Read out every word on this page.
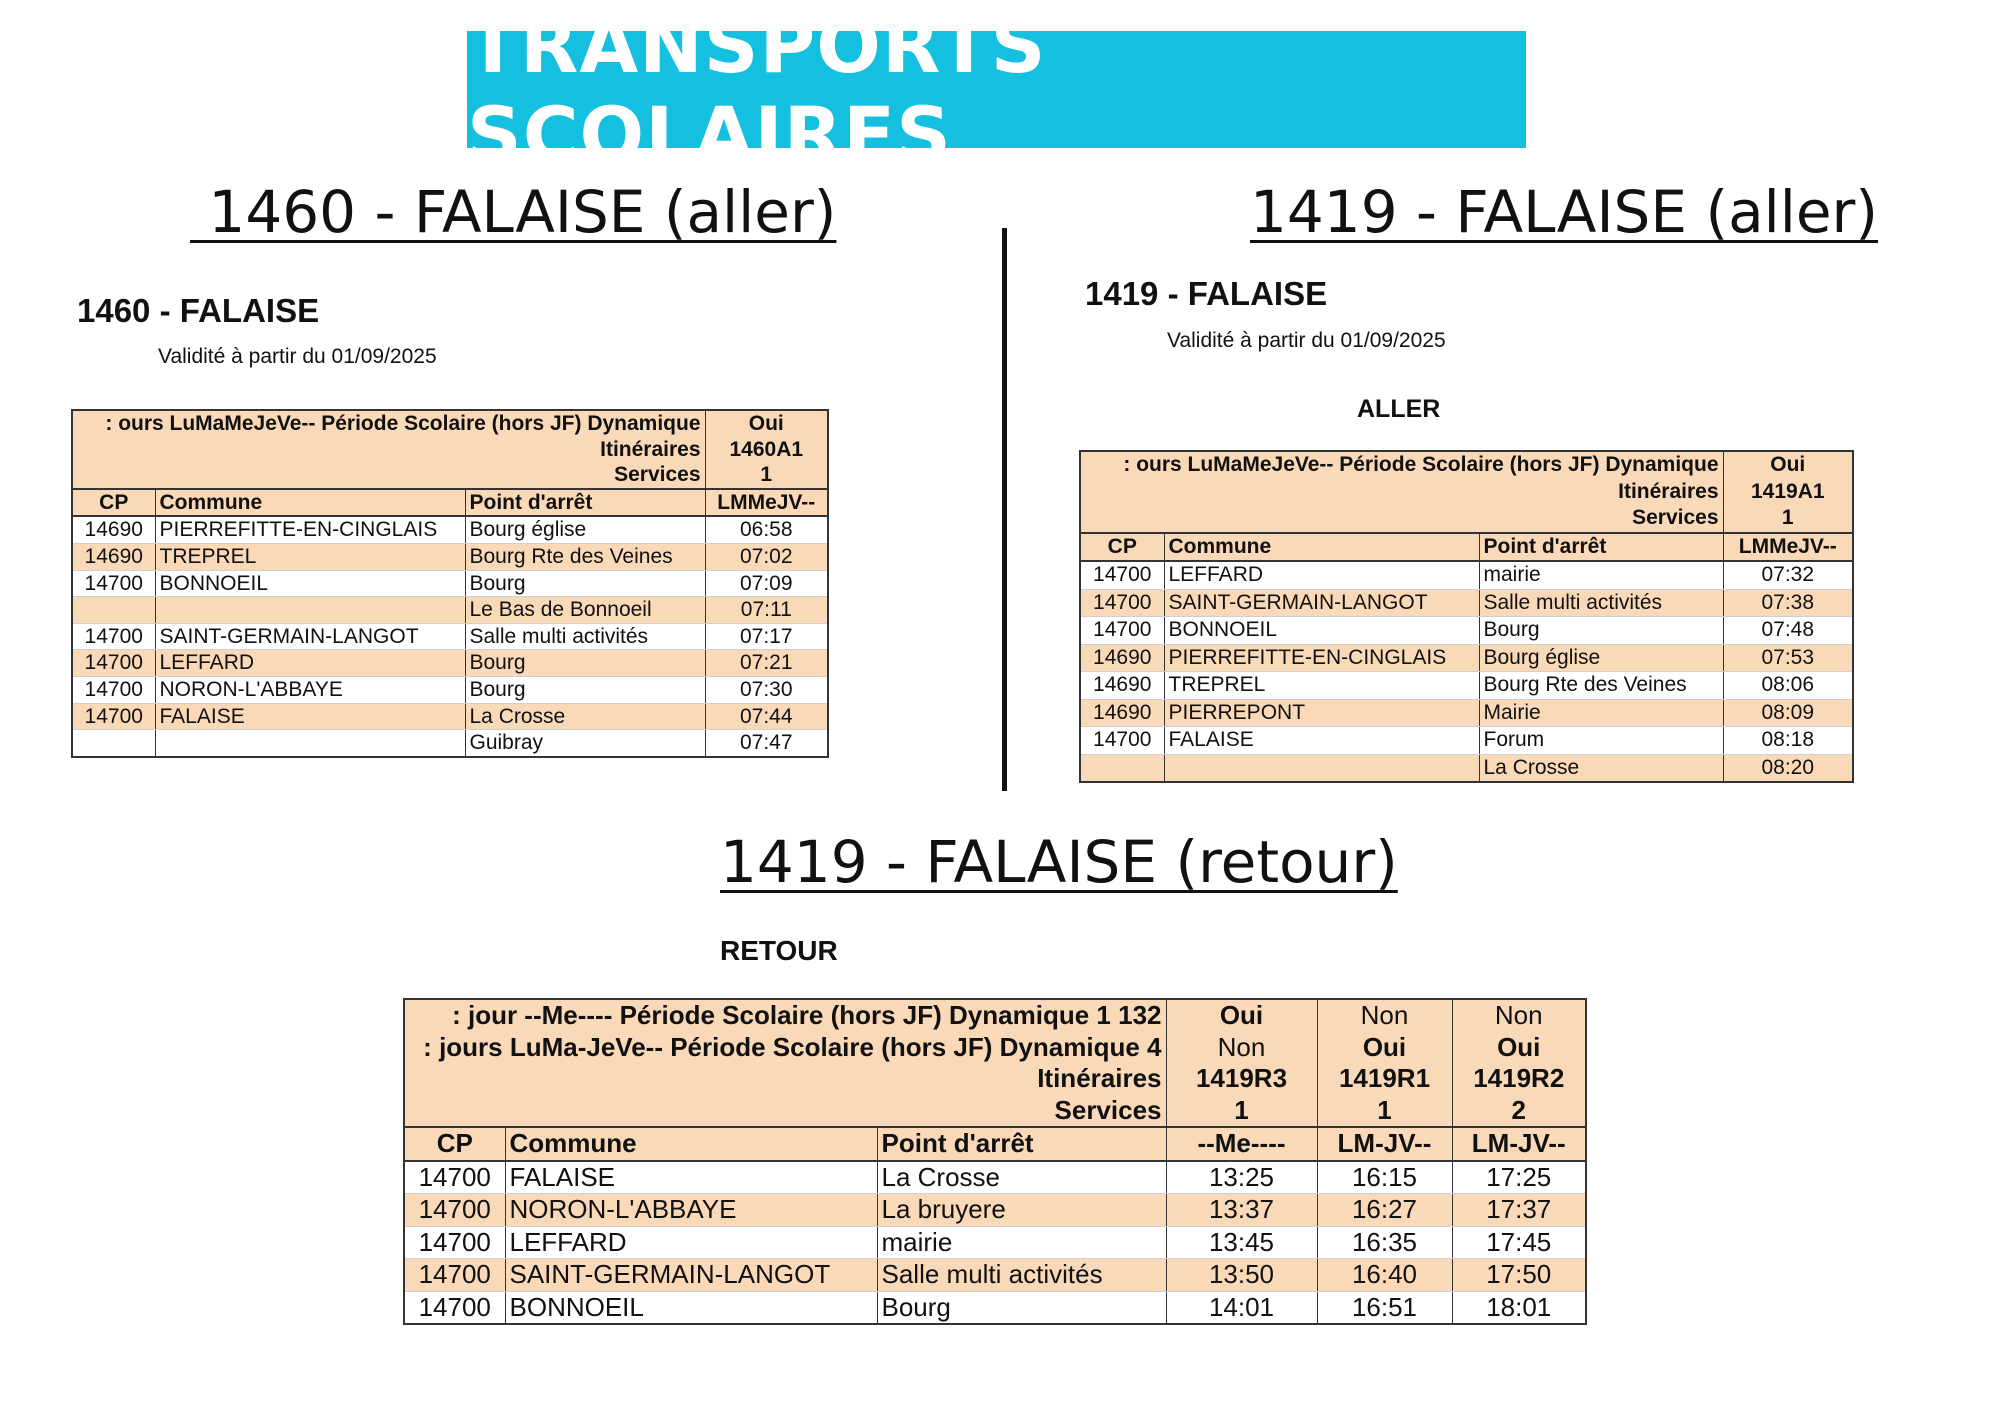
TRANSPORTS SCOLAIRES
1460 - FALAISE (aller)	1419 - FALAISE (aller)
1419 - FALAISE (retour)
1460 - FALAISE
Validité à partir du 01/09/2025
ours LuMaMeJeVe-- Période Scolaire (hors JF) Dynamique :			Oui
Itinéraires			1460A1
Services			1
CP	Commune	Point d'arrêt	LMMeJV--
14690	PIERREFITTE-EN-CINGLAIS	Bourg église	06:58
14690	TREPREL	Bourg Rte des Veines	07:02
14700	BONNOEIL	Bourg	07:09
		Le Bas de Bonnoeil	07:11
14700	SAINT-GERMAIN-LANGOT	Salle multi activités	07:17
14700	LEFFARD	Bourg	07:21
14700	NORON-L'ABBAYE	Bourg	07:30
14700	FALAISE	La Crosse	07:44
		Guibray	07:47
1419 - FALAISE
Validité à partir du 01/09/2025
ALLER
ours LuMaMeJeVe-- Période Scolaire (hors JF) Dynamique :			Oui
Itinéraires			1419A1
Services			1
CP	Commune	Point d'arrêt	LMMeJV--
14700	LEFFARD	mairie	07:32
14700	SAINT-GERMAIN-LANGOT	Salle multi activités	07:38
14700	BONNOEIL	Bourg	07:48
14690	PIERREFITTE-EN-CINGLAIS	Bourg église	07:53
14690	TREPREL	Bourg Rte des Veines	08:06
14690	PIERREPONT	Mairie	08:09
14700	FALAISE	Forum	08:18
		La Crosse	08:20
RETOUR
132 1 jour --Me---- Période Scolaire (hors JF) Dynamique :			Oui	Non	Non
4 jours LuMa-JeVe-- Période Scolaire (hors JF) Dynamique :			Non	Oui	Oui
Itinéraires			1419R3	1419R1	1419R2
Services			1	1	2
CP	Commune	Point d'arrêt	--Me----	LM-JV--	LM-JV--
14700	FALAISE	La Crosse	13:25	16:15	17:25
14700	NORON-L'ABBAYE	La bruyere	13:37	16:27	17:37
14700	LEFFARD	mairie	13:45	16:35	17:45
14700	SAINT-GERMAIN-LANGOT	Salle multi activités	13:50	16:40	17:50
14700	BONNOEIL	Bourg	14:01	16:51	18:01
